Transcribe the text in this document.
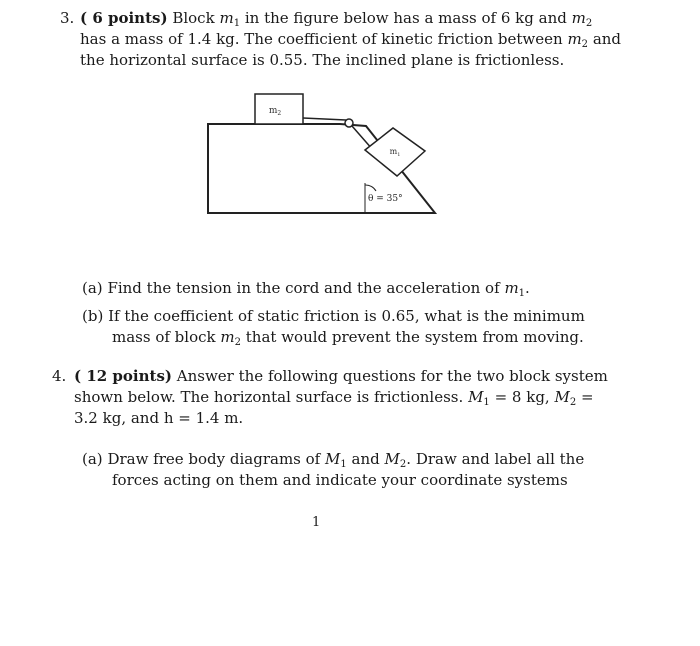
3. ( 6 points) Block $m_1$ in the figure below has a mass of 6 kg and $m_2$
has a mass of 1.4 kg. The coefficient of kinetic friction between $m_2$ and
the horizontal surface is 0.55. The inclined plane is frictionless.
$m_2$
$m_1$
θ = 35°
(a) Find the tension in the cord and the acceleration of $m_1$.
(b) If the coefficient of static friction is 0.65, what is the minimum
mass of block $m_2$ that would prevent the system from moving.
4. ( 12 points) Answer the following questions for the two block system
shown below. The horizontal surface is frictionless. $M_1 = 8$ kg, $M_2$ =
3.2 kg, and h = 1.4 m.
(a) Draw free body diagrams of $M_1$ and $M_2$. Draw and label all the
forces acting on them and indicate your coordinate systems
1
